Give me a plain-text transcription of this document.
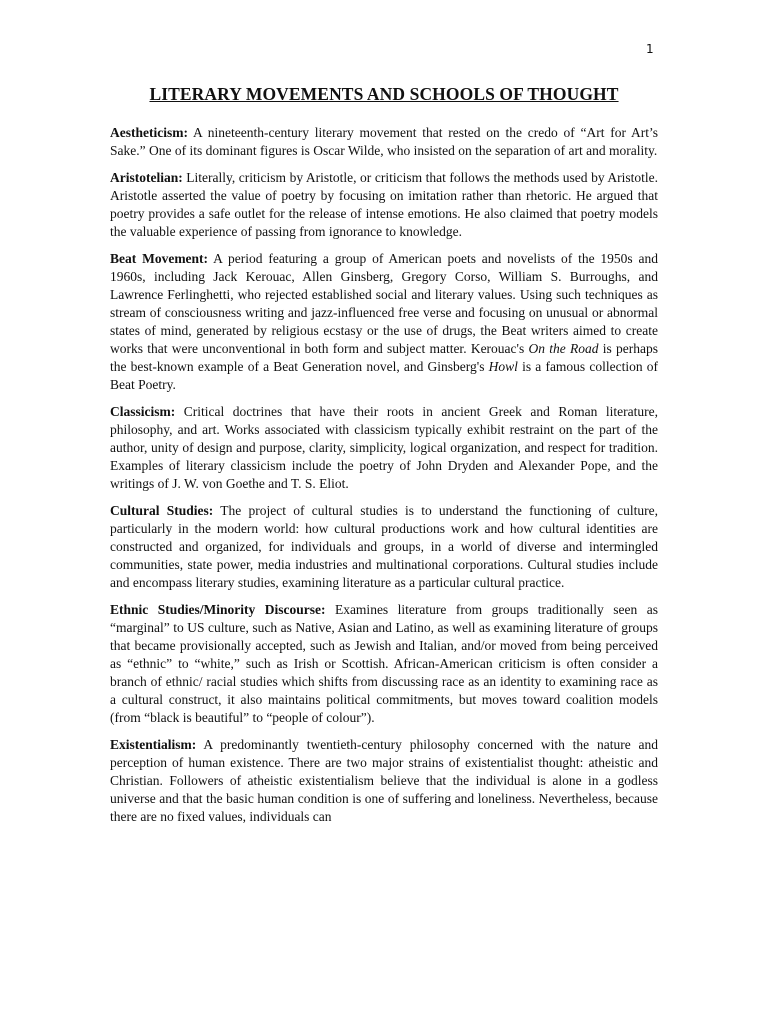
1
LITERARY MOVEMENTS AND SCHOOLS OF THOUGHT

Aestheticism: A nineteenth-century literary movement that rested on the credo of “Art for Art’s Sake.” One of its dominant figures is Oscar Wilde, who insisted on the separation of art and morality.

Aristotelian: Literally, criticism by Aristotle, or criticism that follows the methods used by Aristotle. Aristotle asserted the value of poetry by focusing on imitation rather than rhetoric. He argued that poetry provides a safe outlet for the release of intense emotions. He also claimed that poetry models the valuable experience of passing from ignorance to knowledge.

Beat Movement: A period featuring a group of American poets and novelists of the 1950s and 1960s, including Jack Kerouac, Allen Ginsberg, Gregory Corso, William S. Burroughs, and Lawrence Ferlinghetti, who rejected established social and literary values. Using such techniques as stream of consciousness writing and jazz-influenced free verse and focusing on unusual or abnormal states of mind, generated by religious ecstasy or the use of drugs, the Beat writers aimed to create works that were unconventional in both form and subject matter. Kerouac's On the Road is perhaps the best-known example of a Beat Generation novel, and Ginsberg's Howl is a famous collection of Beat Poetry.

Classicism: Critical doctrines that have their roots in ancient Greek and Roman literature, philosophy, and art. Works associated with classicism typically exhibit restraint on the part of the author, unity of design and purpose, clarity, simplicity, logical organization, and respect for tradition. Examples of literary classicism include the poetry of John Dryden and Alexander Pope, and the writings of J. W. von Goethe and T. S. Eliot.

Cultural Studies: The project of cultural studies is to understand the functioning of culture, particularly in the modern world: how cultural productions work and how cultural identities are constructed and organized, for individuals and groups, in a world of diverse and intermingled communities, state power, media industries and multinational corporations. Cultural studies include and encompass literary studies, examining literature as a particular cultural practice.

Ethnic Studies/Minority Discourse: Examines literature from groups traditionally seen as “marginal” to US culture, such as Native, Asian and Latino, as well as examining literature of groups that became provisionally accepted, such as Jewish and Italian, and/or moved from being perceived as “ethnic” to “white,” such as Irish or Scottish. African-American criticism is often consider a branch of ethnic/ racial studies which shifts from discussing race as an identity to examining race as a cultural construct, it also maintains political commitments, but moves toward coalition models (from “black is beautiful” to “people of colour”).

Existentialism: A predominantly twentieth-century philosophy concerned with the nature and perception of human existence. There are two major strains of existentialist thought: atheistic and Christian. Followers of atheistic existentialism believe that the individual is alone in a godless universe and that the basic human condition is one of suffering and loneliness. Nevertheless, because there are no fixed values, individuals can
